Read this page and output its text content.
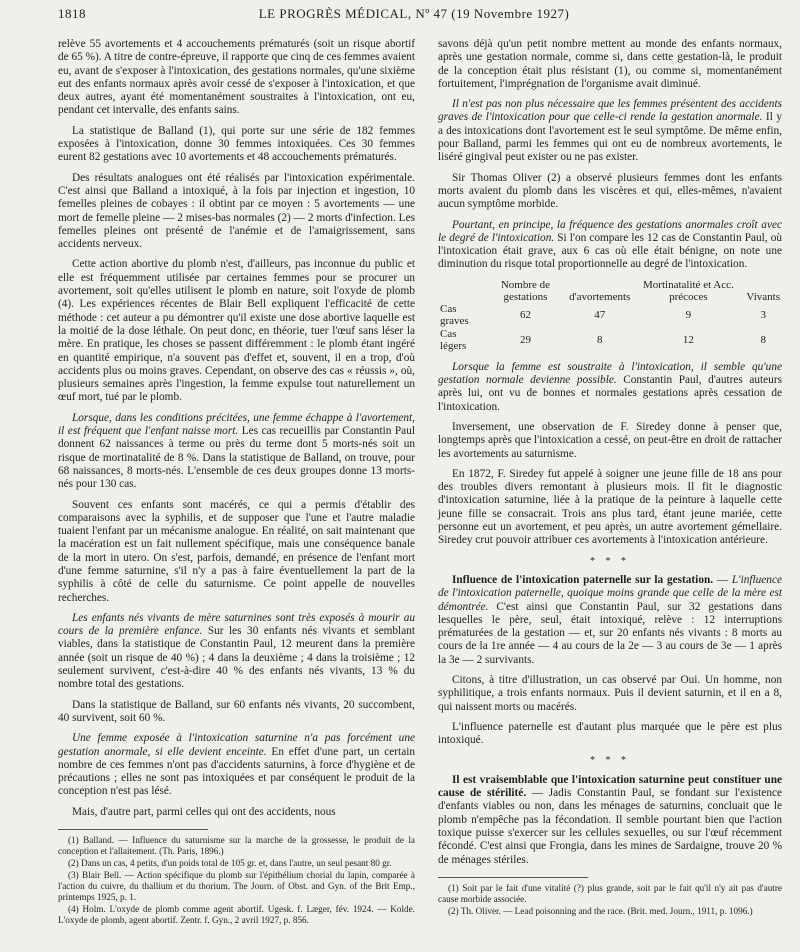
1818	LE PROGRÈS MÉDICAL, Nº 47 (19 Novembre 1927)

relève 55 avortements et 4 accouchements prématurés (soit un risque abortif de 65 %). A titre de contre-épreuve, il rapporte que cinq de ces femmes avaient eu, avant de s'exposer à l'intoxication, des gestations normales, qu'une sixième eut des enfants normaux après avoir cessé de s'exposer à l'intoxication, et que deux autres, ayant été momentanément soustraites à l'intoxication, ont eu, pendant cet intervalle, des enfants sains.

La statistique de Balland (1), qui porte sur une série de 182 femmes exposées à l'intoxication, donne 30 femmes intoxiquées. Ces 30 femmes eurent 82 gestations avec 10 avortements et 48 accouchements prématurés.

Des résultats analogues ont été réalisés par l'intoxication expérimentale. C'est ainsi que Balland a intoxiqué, à la fois par injection et ingestion, 10 femelles pleines de cobayes : il obtint par ce moyen : 5 avortements — une mort de femelle pleine — 2 mises-bas normales (2) — 2 morts d'infection. Les femelles pleines ont présenté de l'anémie et de l'amaigrissement, sans accidents nerveux.

Cette action abortive du plomb n'est, d'ailleurs, pas inconnue du public et elle est fréquemment utilisée par certaines femmes pour se procurer un avortement, soit qu'elles utilisent le plomb en nature, soit l'oxyde de plomb (4). Les expériences récentes de Blair Bell expliquent l'efficacité de cette méthode : cet auteur a pu démontrer qu'il existe une dose abortive laquelle est la moitié de la dose léthale. On peut donc, en théorie, tuer l'œuf sans léser la mère. En pratique, les choses se passent différemment : le plomb étant ingéré en quantité empirique, n'a souvent pas d'effet et, souvent, il en a trop, d'où accidents plus ou moins graves. Cependant, on observe des cas « réussis », où, plusieurs semaines après l'ingestion, la femme expulse tout naturellement un œuf mort, tué par le plomb.

Lorsque, dans les conditions précitées, une femme échappe à l'avortement, il est fréquent que l'enfant naisse mort. Les cas recueillis par Constantin Paul donnent 62 naissances à terme ou près du terme dont 5 morts-nés soit un risque de mortinatalité de 8 %. Dans la statistique de Balland, on trouve, pour 68 naissances, 8 morts-nés. L'ensemble de ces deux groupes donne 13 morts-nés pour 130 cas.

Souvent ces enfants sont macérés, ce qui a permis d'établir des comparaisons avec la syphilis, et de supposer que l'une et l'autre maladie tuaient l'enfant par un mécanisme analogue. En réalité, on sait maintenant que la macération est un fait nullement spécifique, mais une conséquence banale de la mort in utero. On s'est, parfois, demandé, en présence de l'enfant mort d'une femme saturnine, s'il n'y a pas à faire éventuellement la part de la syphilis à côté de celle du saturnisme. Ce point appelle de nouvelles recherches.

Les enfants nés vivants de mère saturnines sont très exposés à mourir au cours de la première enfance. Sur les 30 enfants nés vivants et semblant viables, dans la statistique de Constantin Paul, 12 meurent dans la première année (soit un risque de 40 %) ; 4 dans la deuxième ; 4 dans la troisième ; 12 seulement survivent, c'est-à-dire 40 % des enfants nés vivants, 13 % du nombre total des gestations.

Dans la statistique de Balland, sur 60 enfants nés vivants, 20 succombent, 40 survivent, soit 60 %.

Une femme exposée à l'intoxication saturnine n'a pas forcément une gestation anormale, si elle devient enceinte. En effet d'une part, un certain nombre de ces femmes n'ont pas d'accidents saturnins, à force d'hygiène et de précautions ; elles ne sont pas intoxiquées et par conséquent le produit de la conception n'est pas lésé.

Mais, d'autre part, parmi celles qui ont des accidents, nous

(1) Balland. — Influence du saturnisme sur la marche de la grossesse, le produit de la conception et l'allaitement. (Th. Paris, 1896.)

(2) Dans un cas, 4 petits, d'un poids total de 105 gr. et, dans l'autre, un seul pesant 80 gr.

(3) Blair Bell. — Action spécifique du plomb sur l'épithélium chorial du lapin, comparée à l'action du cuivre, du thallium et du thorium. The Journ. of Obst. and Gyn. of the Brit Emp., printemps 1925, p. 1.

(4) Holm. L'oxyde de plomb comme agent abortif. Ugesk. f. Læger, fév. 1924. — Kolde. L'oxyde de plomb, agent abortif. Zentr. f. Gyn., 2 avril 1927, p. 856.

savons déjà qu'un petit nombre mettent au monde des enfants normaux, après une gestation normale, comme si, dans cette gestation-là, le produit de la conception était plus résistant (1), ou comme si, momentanément fortuitement, l'imprégnation de l'organisme avait diminué.

Il n'est pas non plus nécessaire que les femmes présentent des accidents graves de l'intoxication pour que celle-ci rende la gestation anormale. Il y a des intoxications dont l'avortement est le seul symptôme. De même enfin, pour Balland, parmi les femmes qui ont eu de nombreux avortements, le liséré gingival peut exister ou ne pas exister.

Sir Thomas Oliver (2) a observé plusieurs femmes dont les enfants morts avaient du plomb dans les viscères et qui, elles-mêmes, n'avaient aucun symptôme morbide.

Pourtant, en principe, la fréquence des gestations anormales croît avec le degré de l'intoxication. Si l'on compare les 12 cas de Constantin Paul, où l'intoxication était grave, aux 6 cas où elle était bénigne, on note une diminution du risque total proportionnelle au degré de l'intoxication.

	Nombre de gestations	d'avortements	Mortinatalité et Acc. précoces	Vivants
Cas graves	62	47	9	3
Cas légers	29	8	12	8

Lorsque la femme est soustraite à l'intoxication, il semble qu'une gestation normale devienne possible. Constantin Paul, d'autres auteurs après lui, ont vu de bonnes et normales gestations après cessation de l'intoxication.

Inversement, une observation de F. Siredey donne à penser que, longtemps après que l'intoxication a cessé, on peut-être en droit de rattacher les avortements au saturnisme.

En 1872, F. Siredey fut appelé à soigner une jeune fille de 18 ans pour des troubles divers remontant à plusieurs mois. Il fit le diagnostic d'intoxication saturnine, liée à la pratique de la peinture à laquelle cette jeune fille se consacrait. Trois ans plus tard, étant jeune mariée, cette personne eut un avortement, et peu après, un autre avortement gémellaire. Siredey crut pouvoir attribuer ces avortements à l'intoxication antérieure.

* * *

Influence de l'intoxication paternelle sur la gestation. — L'influence de l'intoxication paternelle, quoique moins grande que celle de la mère est démontrée. C'est ainsi que Constantin Paul, sur 32 gestations dans lesquelles le père, seul, était intoxiqué, relève : 12 interruptions prématurées de la gestation — et, sur 20 enfants nés vivants : 8 morts au cours de la 1re année — 4 au cours de la 2e — 3 au cours de 3e — 1 après la 3e — 2 survivants.

Citons, à titre d'illustration, un cas observé par Oui. Un homme, non syphilitique, a trois enfants normaux. Puis il devient saturnin, et il en a 8, qui naissent morts ou macérés.

L'influence paternelle est d'autant plus marquée que le père est plus intoxiqué.

* * *

Il est vraisemblable que l'intoxication saturnine peut constituer une cause de stérilité. — Jadis Constantin Paul, se fondant sur l'existence d'enfants viables ou non, dans les ménages de saturnins, concluait que le plomb n'empêche pas la fécondation. Il semble pourtant bien que l'action toxique puisse s'exercer sur les cellules sexuelles, ou sur l'œuf récemment fécondé. C'est ainsi que Frongia, dans les mines de Sardaigne, trouve 20 % de ménages stériles.

(1) Soit par le fait d'une vitalité (?) plus grande, soit par le fait qu'il n'y ait pas d'autre cause morbide associée.

(2) Th. Oliver. — Lead poisonning and the race. (Brit. med. Journ., 1911, p. 1096.)
